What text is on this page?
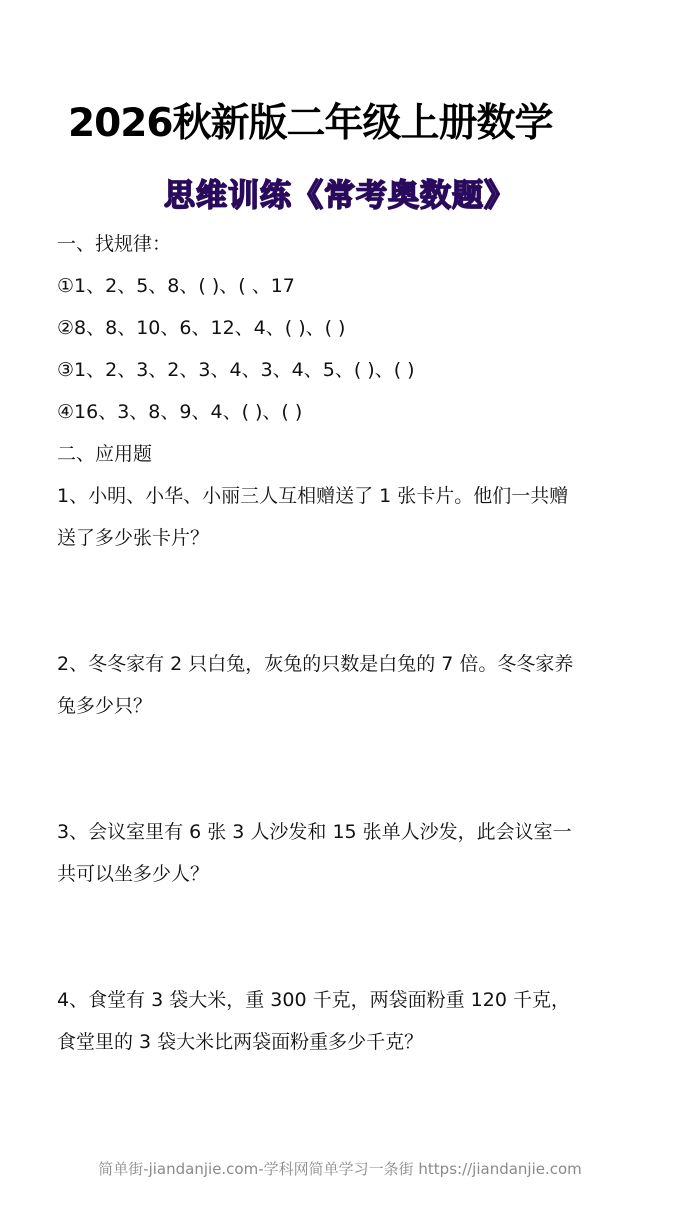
2026秋新版二年级上册数学
思维训练《常考奥数题》
一、找规律：
①1、2、5、8、( )、( 、17
②8、8、10、6、12、4、( )、( )
③1、2、3、2、3、4、3、4、5、( )、( )
④16、3、8、9、4、( )、( )
二、应用题
1、小明、小华、小丽三人互相赠送了 1 张卡片。他们一共赠
送了多少张卡片？
2、冬冬家有 2 只白兔，灰兔的只数是白兔的 7 倍。冬冬家养
兔多少只？
3、会议室里有 6 张 3 人沙发和 15 张单人沙发，此会议室一
共可以坐多少人？
4、食堂有 3 袋大米，重 300 千克，两袋面粉重 120 千克，
食堂里的 3 袋大米比两袋面粉重多少千克？
简单街-jiandanjie.com-学科网简单学习一条街 https://jiandanjie.com
